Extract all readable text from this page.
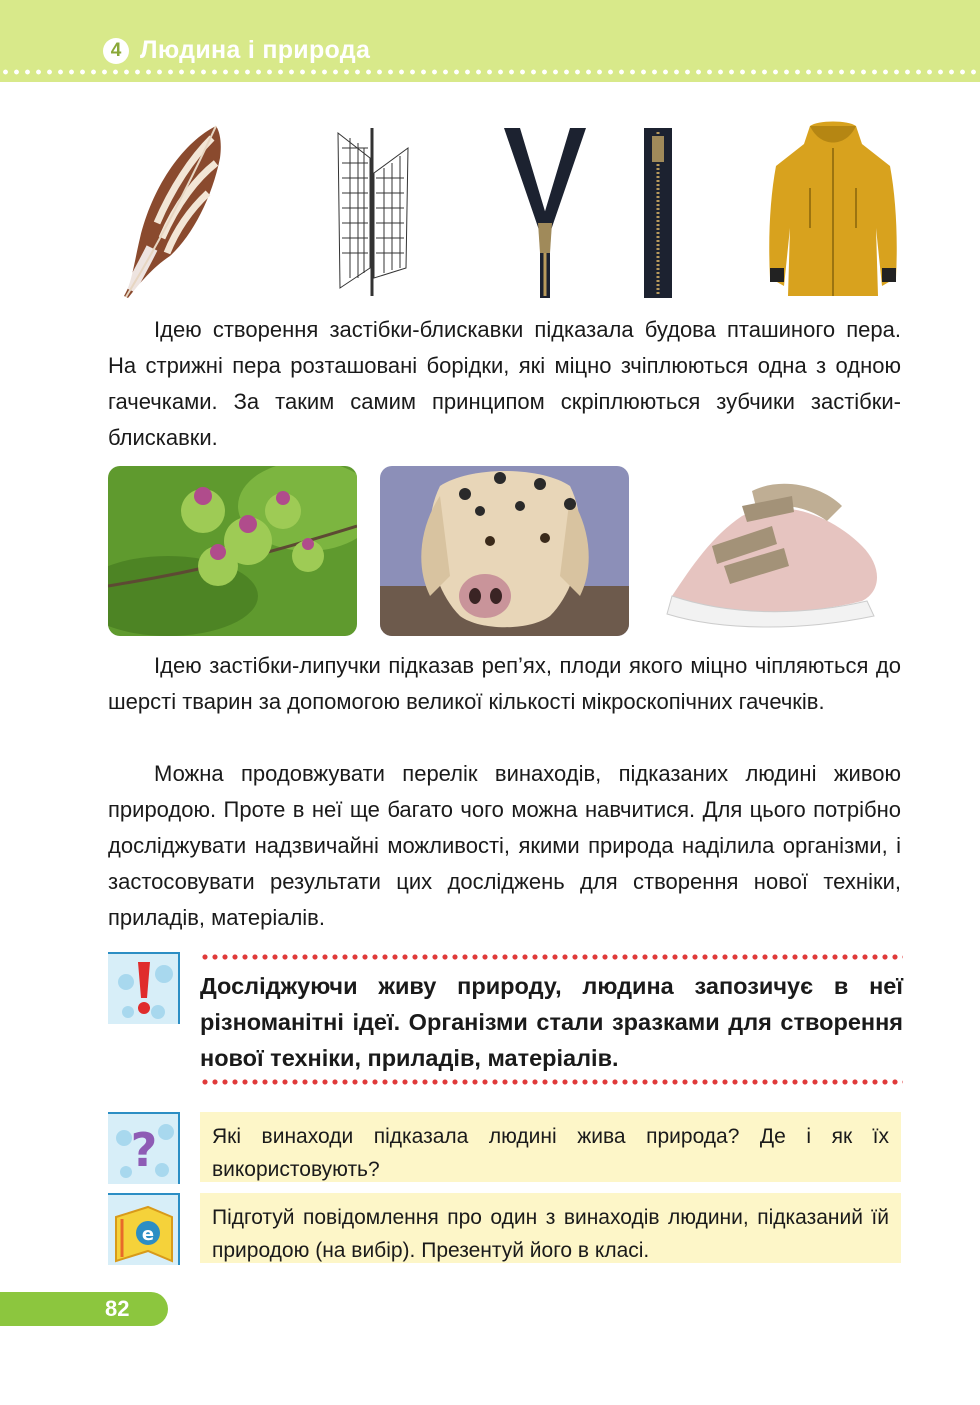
4 Людина і природа

Ідею створення застібки-блискавки підказала будова пташиного пера. На стрижні пера розташовані борідки, які міцно зчіплюються одна з одною гачечками. За таким самим принципом скріплюються зубчики застібки-блискавки.

Ідею застібки-липучки підказав реп’ях, плоди якого міцно чіпляються до шерсті тварин за допомогою великої кількості мікроскопічних гачечків.

Можна продовжувати перелік винаходів, підказаних людині живою природою. Проте в неї ще багато чого можна навчитися. Для цього потрібно досліджувати надзвичайні можливості, якими природа наділила організми, і застосовувати результати цих досліджень для створення нової техніки, приладів, матеріалів.

Досліджуючи живу природу, людина запозичує в неї різноманітні ідеї. Організми стали зразками для створення нової техніки, приладів, матеріалів.

?	Які винаходи підказала людині жива природа? Де і як їх використовують?

e

Підготуй повідомлення про один з винаходів людини, підказаний їй природою (на вибір). Презентуй його в класі.

82
